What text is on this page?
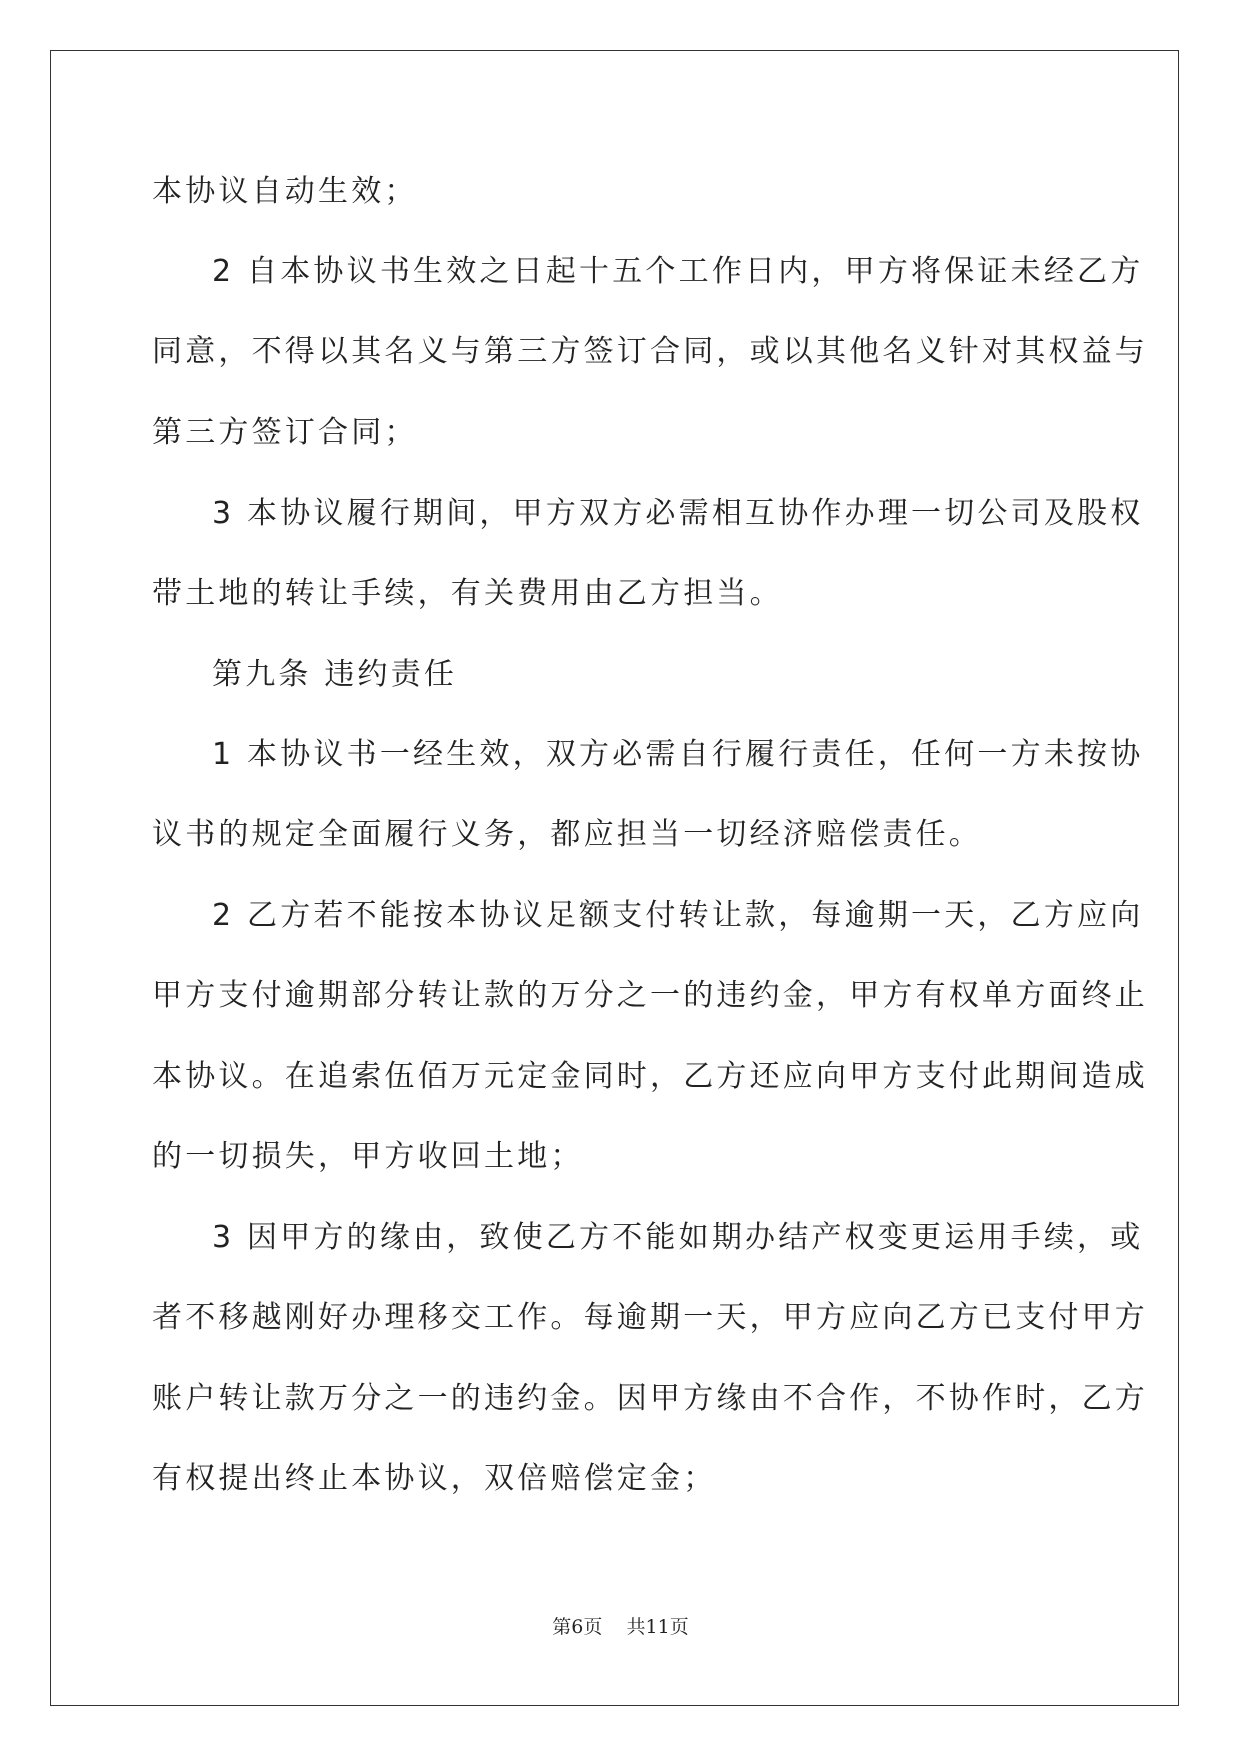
本协议自动生效；
2 自本协议书生效之日起十五个工作日内，甲方将保证未经乙方
同意，不得以其名义与第三方签订合同，或以其他名义针对其权益与
第三方签订合同；
3 本协议履行期间，甲方双方必需相互协作办理一切公司及股权
带土地的转让手续，有关费用由乙方担当。
第九条 违约责任
1 本协议书一经生效，双方必需自行履行责任，任何一方未按协
议书的规定全面履行义务，都应担当一切经济赔偿责任。
2 乙方若不能按本协议足额支付转让款，每逾期一天，乙方应向
甲方支付逾期部分转让款的万分之一的违约金，甲方有权单方面终止
本协议。在追索伍佰万元定金同时，乙方还应向甲方支付此期间造成
的一切损失，甲方收回土地；
3 因甲方的缘由，致使乙方不能如期办结产权变更运用手续，或
者不移越刚好办理移交工作。每逾期一天，甲方应向乙方已支付甲方
账户转让款万分之一的违约金。因甲方缘由不合作，不协作时，乙方
有权提出终止本协议，双倍赔偿定金；
第6页 共11页
